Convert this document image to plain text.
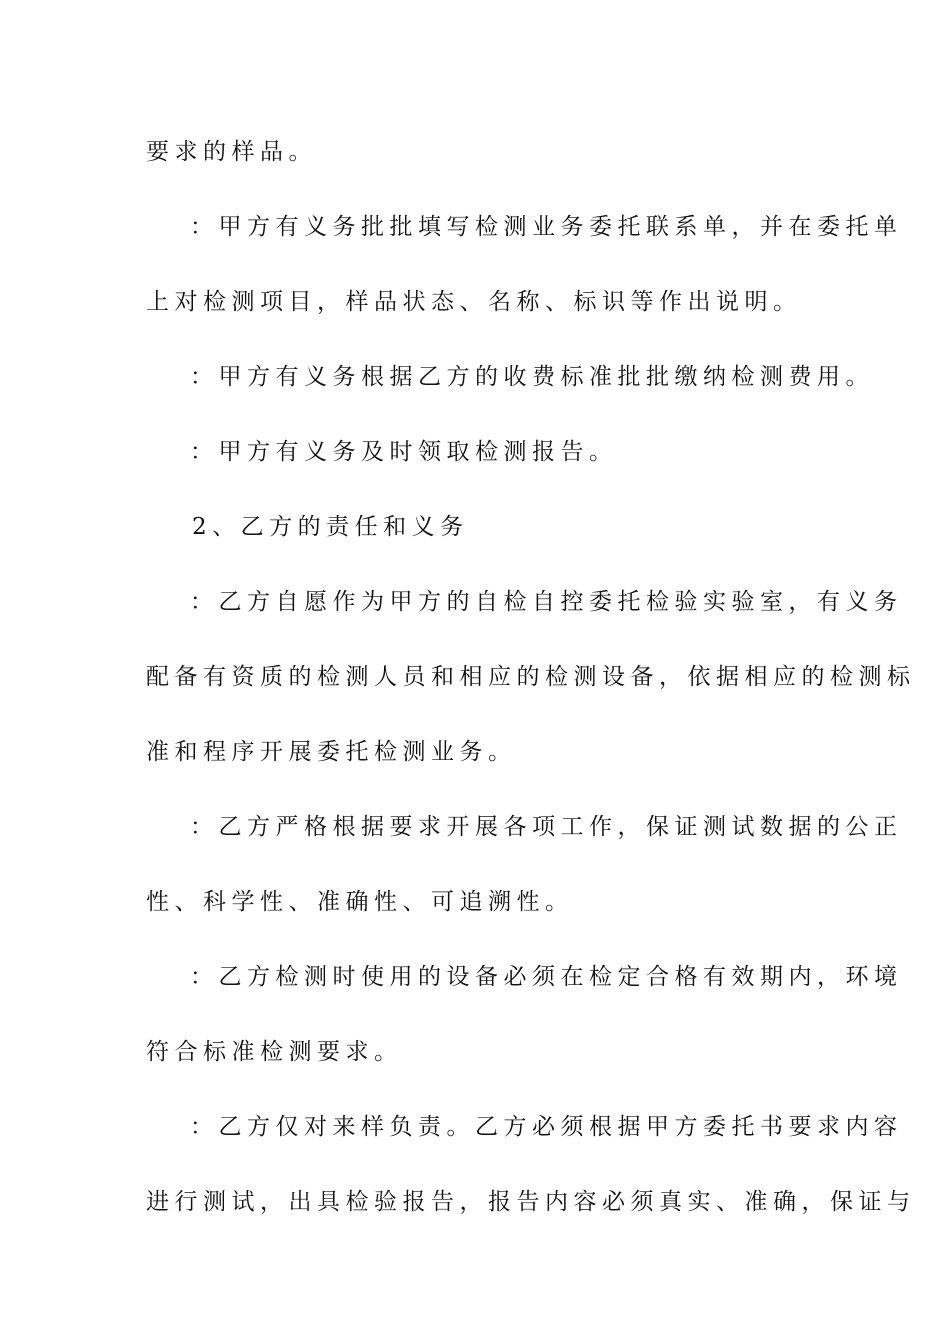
要求的样品。
：甲方有义务批批填写检测业务委托联系单，并在委托单
上对检测项目，样品状态、名称、标识等作出说明。
：甲方有义务根据乙方的收费标准批批缴纳检测费用。
：甲方有义务及时领取检测报告。
2、乙方的责任和义务
：乙方自愿作为甲方的自检自控委托检验实验室，有义务
配备有资质的检测人员和相应的检测设备，依据相应的检测标
准和程序开展委托检测业务。
：乙方严格根据要求开展各项工作，保证测试数据的公正
性、科学性、准确性、可追溯性。
：乙方检测时使用的设备必须在检定合格有效期内，环境
符合标准检测要求。
：乙方仅对来样负责。乙方必须根据甲方委托书要求内容
进行测试，出具检验报告，报告内容必须真实、准确，保证与
